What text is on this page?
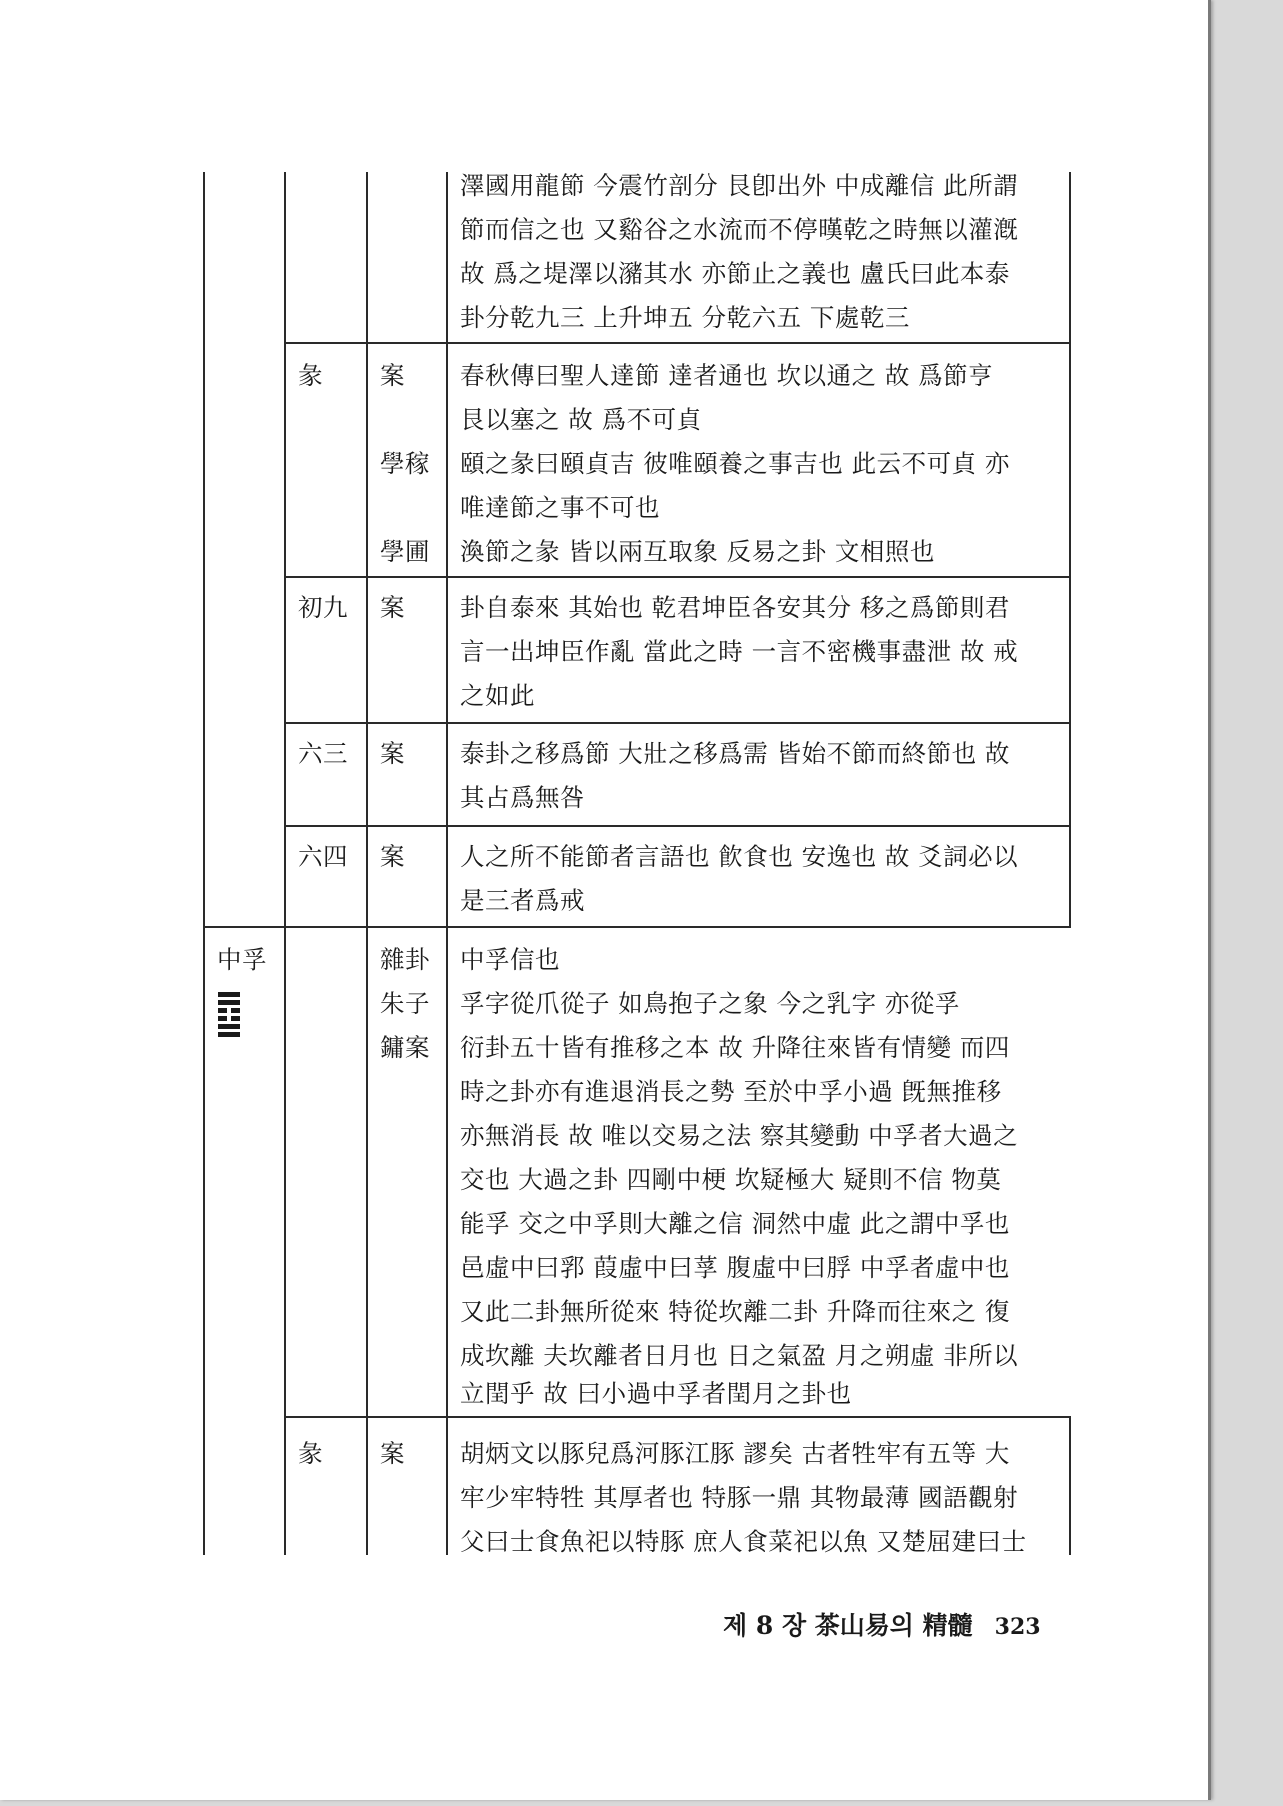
澤國用龍節 今震竹剖分 艮卽出外 中成離信 此所謂
節而信之也 又谿谷之水流而不停暵乾之時無以灌漑
故 爲之堤澤以瀦其水 亦節止之義也 盧氏曰此本泰
卦分乾九三 上升坤五 分乾六五 下處乾三
彖 案
學稼
學圃
春秋傳曰聖人達節 達者通也 坎以通之 故 爲節亨
艮以塞之 故 爲不可貞
頤之彖曰頤貞吉 彼唯頤養之事吉也 此云不可貞 亦
唯達節之事不可也
渙節之彖 皆以兩互取象 反易之卦 文相照也
初九 案 卦自泰來 其始也 乾君坤臣各安其分 移之爲節則君
言一出坤臣作亂 當此之時 一言不密機事盡泄 故 戒
之如此
六三 案 泰卦之移爲節 大壯之移爲需 皆始不節而終節也 故
其占爲無咎
六四 案 人之所不能節者言語也 飮食也 安逸也 故 爻詞必以
是三者爲戒
中孚	雜卦
朱子
鏞案
中孚信也
孚字從爪從子 如鳥抱子之象 今之乳字 亦從孚
衍卦五十皆有推移之本 故 升降往來皆有情變 而四
時之卦亦有進退消長之勢 至於中孚小過 旣無推移
亦無消長 故 唯以交易之法 察其變動 中孚者大過之
交也 大過之卦 四剛中梗 坎疑極大 疑則不信 物莫
能孚 交之中孚則大離之信 洞然中虛 此之謂中孚也
邑虛中曰郛 葭虛中曰莩 腹虛中曰脬 中孚者虛中也
又此二卦無所從來 特從坎離二卦 升降而往來之 復
成坎離 夫坎離者日月也 日之氣盈 月之朔虛 非所以
立閏乎 故 曰小過中孚者閏月之卦也
彖 案 胡炳文以豚兒爲河豚江豚 謬矣 古者牲牢有五等 大
牢少牢特牲 其厚者也 特豚一鼎 其物最薄 國語觀射
父曰士食魚祀以特豚 庶人食菜祀以魚 又楚屈建曰士
제 8 장 茶山易의 精髓 323
